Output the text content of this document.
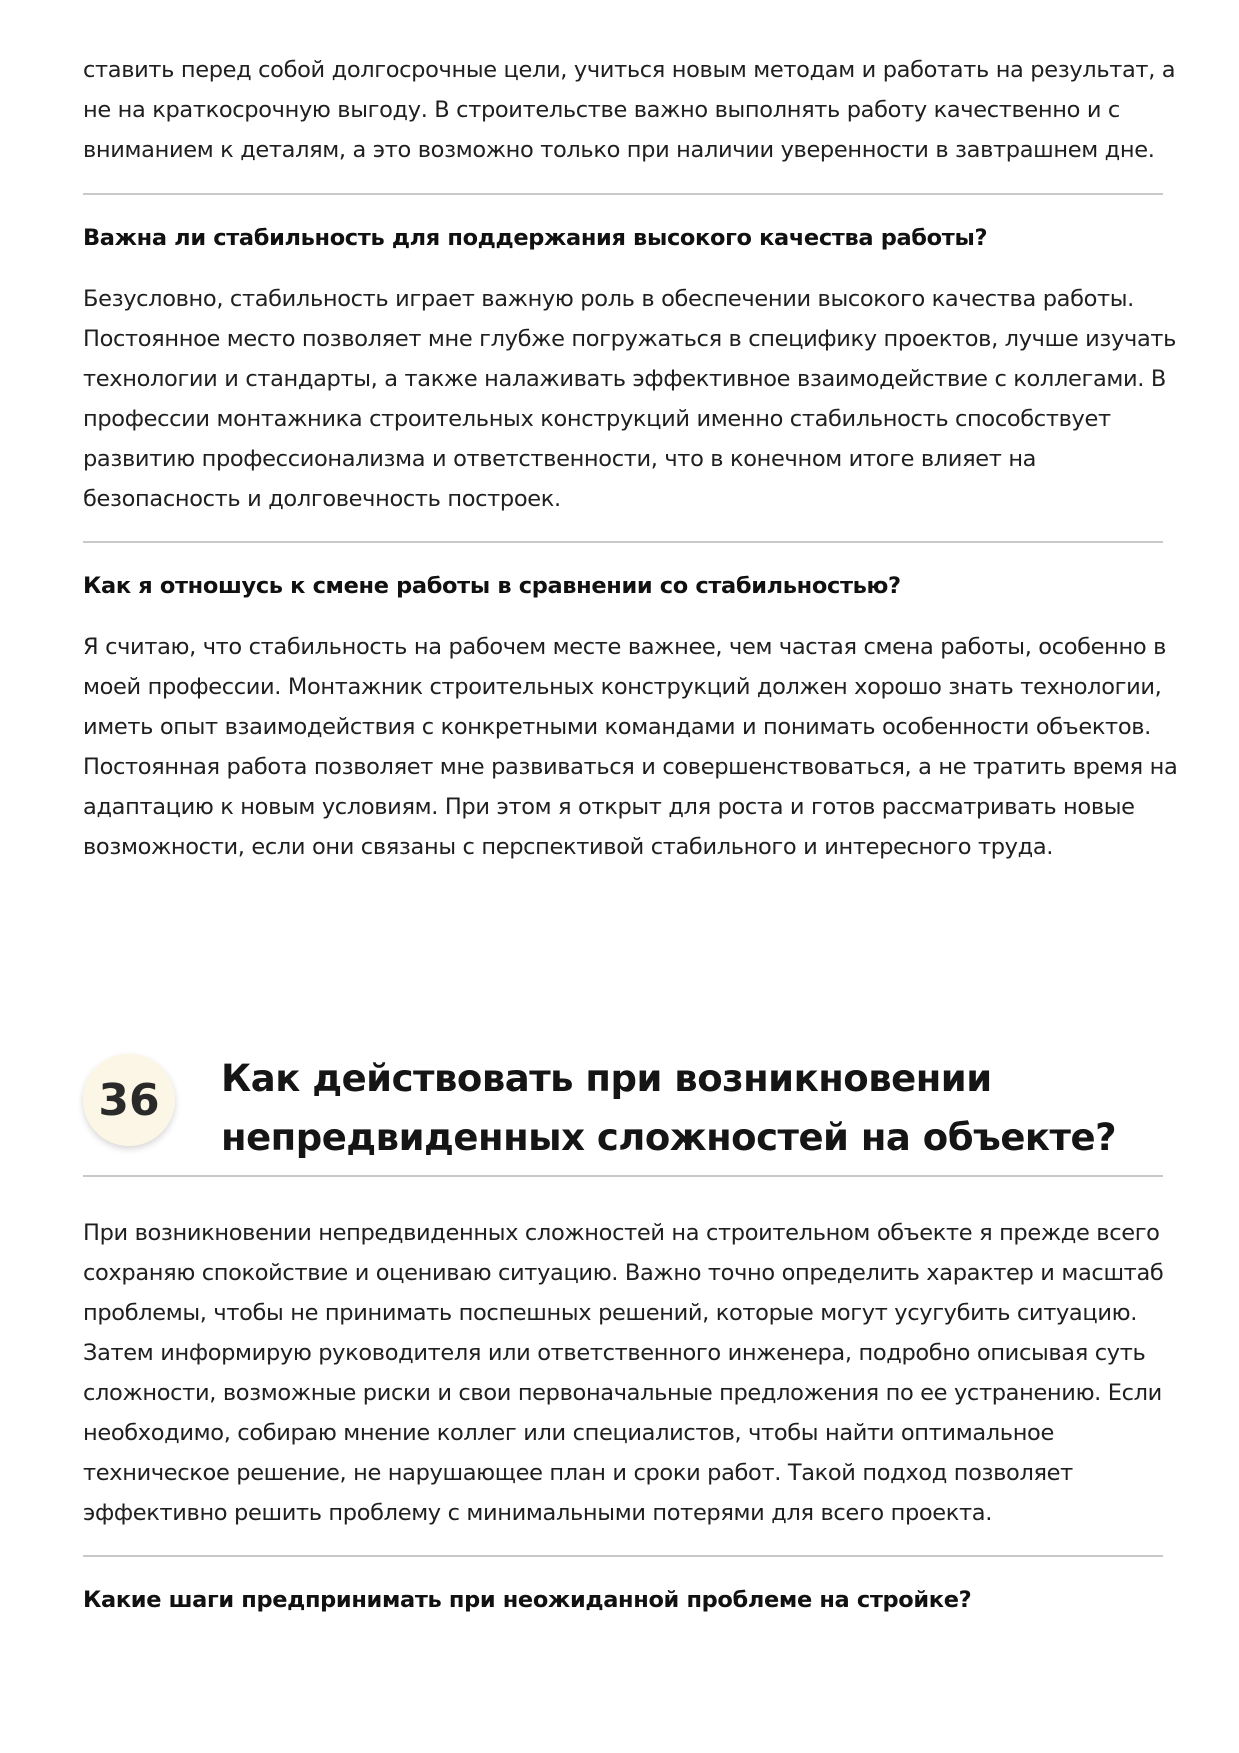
ставить перед собой долгосрочные цели, учиться новым методам и работать на результат, а
не на краткосрочную выгоду. В строительстве важно выполнять работу качественно и с
вниманием к деталям, а это возможно только при наличии уверенности в завтрашнем дне.

Важна ли стабильность для поддержания высокого качества работы?

Безусловно, стабильность играет важную роль в обеспечении высокого качества работы.
Постоянное место позволяет мне глубже погружаться в специфику проектов, лучше изучать
технологии и стандарты, а также налаживать эффективное взаимодействие с коллегами. В
профессии монтажника строительных конструкций именно стабильность способствует
развитию профессионализма и ответственности, что в конечном итоге влияет на
безопасность и долговечность построек.

Как я отношусь к смене работы в сравнении со стабильностью?

Я считаю, что стабильность на рабочем месте важнее, чем частая смена работы, особенно в
моей профессии. Монтажник строительных конструкций должен хорошо знать технологии,
иметь опыт взаимодействия с конкретными командами и понимать особенности объектов.
Постоянная работа позволяет мне развиваться и совершенствоваться, а не тратить время на
адаптацию к новым условиям. При этом я открыт для роста и готов рассматривать новые
возможности, если они связаны с перспективой стабильного и интересного труда.

36	Как действовать при возникновении
непредвиденных сложностей на объекте?

При возникновении непредвиденных сложностей на строительном объекте я прежде всего
сохраняю спокойствие и оцениваю ситуацию. Важно точно определить характер и масштаб
проблемы, чтобы не принимать поспешных решений, которые могут усугубить ситуацию.
Затем информирую руководителя или ответственного инженера, подробно описывая суть
сложности, возможные риски и свои первоначальные предложения по ее устранению. Если
необходимо, собираю мнение коллег или специалистов, чтобы найти оптимальное
техническое решение, не нарушающее план и сроки работ. Такой подход позволяет
эффективно решить проблему с минимальными потерями для всего проекта.

Какие шаги предпринимать при неожиданной проблеме на стройке?
